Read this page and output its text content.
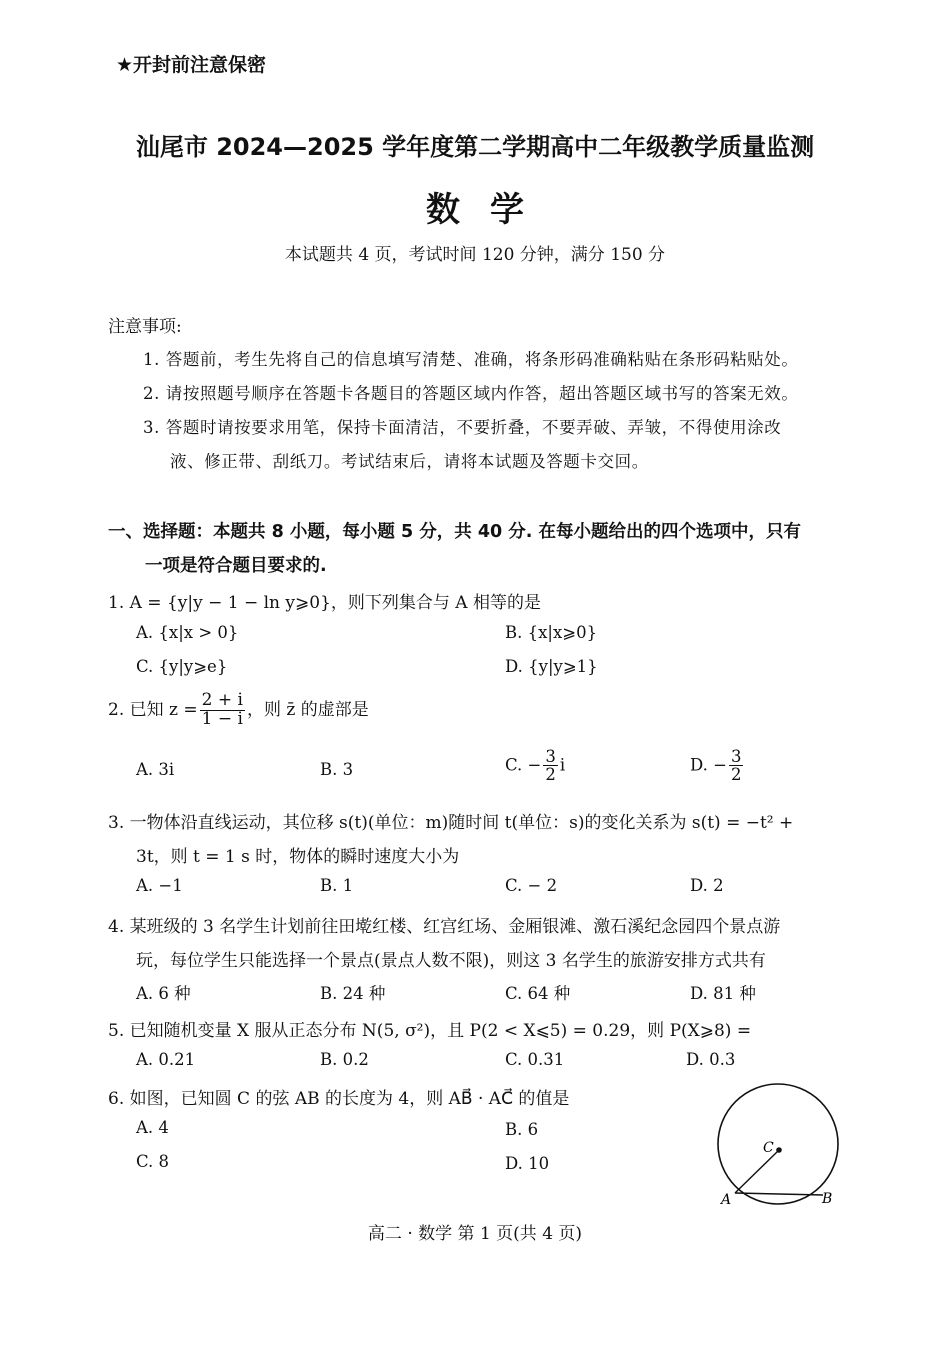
★开封前注意保密
汕尾市 2024—2025 学年度第二学期高中二年级教学质量监测
数学
本试题共 4 页，考试时间 120 分钟，满分 150 分
注意事项:
1. 答题前，考生先将自己的信息填写清楚、准确，将条形码准确粘贴在条形码粘贴处。
2. 请按照题号顺序在答题卡各题目的答题区域内作答，超出答题区域书写的答案无效。
3. 答题时请按要求用笔，保持卡面清洁，不要折叠，不要弄破、弄皱，不得使用涂改
液、修正带、刮纸刀。考试结束后，请将本试题及答题卡交回。
一、选择题：本题共 8 小题，每小题 5 分，共 40 分. 在每小题给出的四个选项中，只有
一项是符合题目要求的.
1. A = {y|y − 1 − ln y⩾0}，则下列集合与 A 相等的是
A. {x|x > 0}	B. {x|x⩾0}
C. {y|y⩾e}	D. {y|y⩾1}
2. 已知 $z = \frac{2 + i}{1 - i}$ ，则 z̄ 的虚部是
A. 3i	B. 3	C. − $\frac{3}{2}$ i	D. − $\frac{3}{2}$
3. 一物体沿直线运动，其位移 s(t)(单位：m)随时间 t(单位：s)的变化关系为 s(t) = −t² +
3t，则 t = 1 s 时，物体的瞬时速度大小为
A. −1	B. 1	C. − 2	D. 2
4. 某班级的 3 名学生计划前往田墘红楼、红宫红场、金厢银滩、激石溪纪念园四个景点游
玩，每位学生只能选择一个景点(景点人数不限)，则这 3 名学生的旅游安排方式共有
A. 6 种	B. 24 种	C. 64 种	D. 81 种
5. 已知随机变量 X 服从正态分布 N(5, σ²)，且 P(2 < X⩽5) = 0.29，则 P(X⩾8) =
A. 0.21	B. 0.2	C. 0.31	D. 0.3
6. 如图，已知圆 C 的弦 AB 的长度为 4，则 AB⃗ · AC⃗ 的值是
A. 4	B. 6
C. 8	D. 10
C
A	B
高二 · 数学 第 1 页(共 4 页)
